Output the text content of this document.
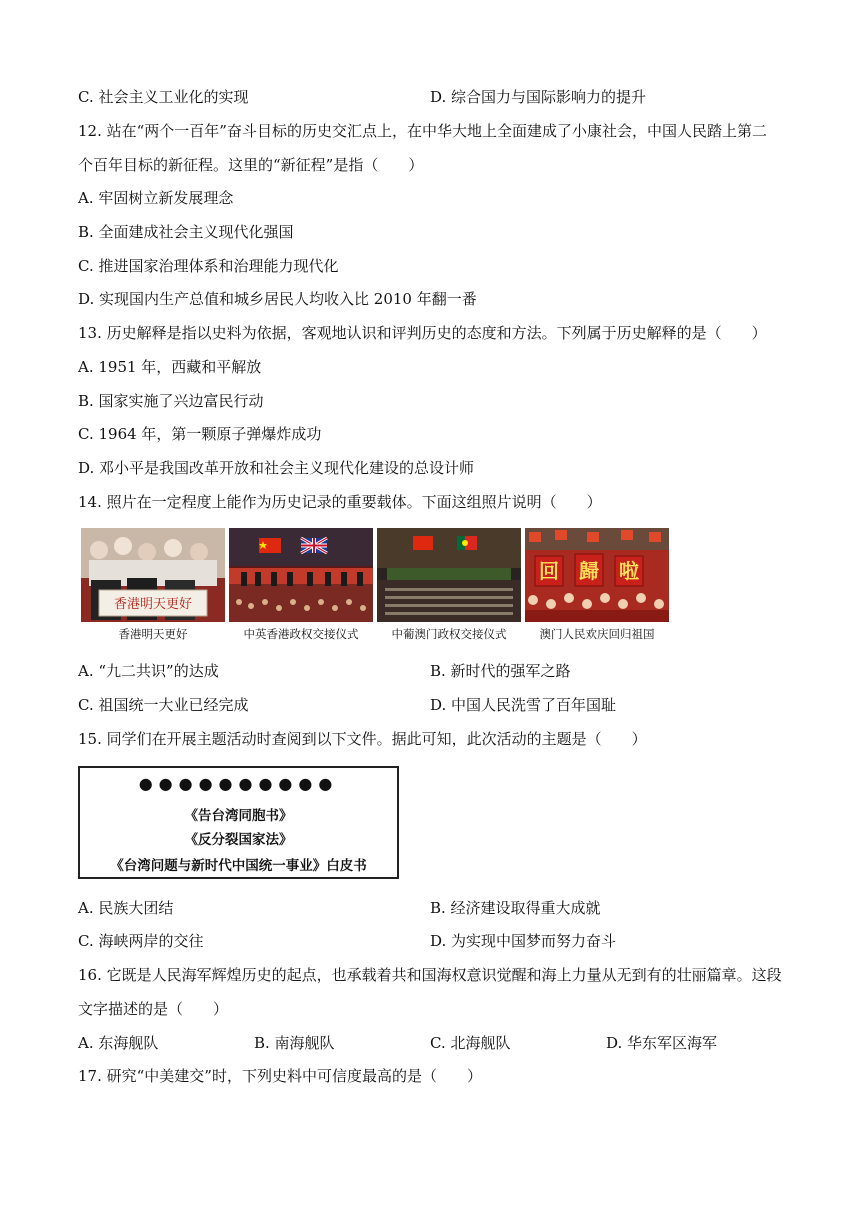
C. 社会主义工业化的实现	D. 综合国力与国际影响力的提升
12. 站在“两个一百年”奋斗目标的历史交汇点上，在中华大地上全面建成了小康社会，中国人民踏上第二
个百年目标的新征程。这里的“新征程”是指（　　）
A. 牢固树立新发展理念
B. 全面建成社会主义现代化强国
C. 推进国家治理体系和治理能力现代化
D. 实现国内生产总值和城乡居民人均收入比 2010 年翻一番
13. 历史解释是指以史料为依据，客观地认识和评判历史的态度和方法。下列属于历史解释的是（　　）
A. 1951 年，西藏和平解放
B. 国家实施了兴边富民行动
C. 1964 年，第一颗原子弹爆炸成功
D. 邓小平是我国改革开放和社会主义现代化建设的总设计师
14. 照片在一定程度上能作为历史记录的重要载体。下面这组照片说明（　　）
香港明天更好
香港明天更好	中英香港政权交接仪式	中葡澳门政权交接仪式
回 歸 啦
澳门人民欢庆回归祖国
A. “九二共识”的达成	B. 新时代的强军之路
C. 祖国统一大业已经完成	D. 中国人民洗雪了百年国耻
15. 同学们在开展主题活动时查阅到以下文件。据此可知，此次活动的主题是（　　）
●●●●●●●●●●
《告台湾同胞书》
《反分裂国家法》
《台湾问题与新时代中国统一事业》白皮书
A. 民族大团结	B. 经济建设取得重大成就
C. 海峡两岸的交往	D. 为实现中国梦而努力奋斗
16. 它既是人民海军辉煌历史的起点，也承载着共和国海权意识觉醒和海上力量从无到有的壮丽篇章。这段
文字描述的是（　　）
A. 东海舰队	B. 南海舰队	C. 北海舰队	D. 华东军区海军
17. 研究“中美建交”时，下列史料中可信度最高的是（　　）
